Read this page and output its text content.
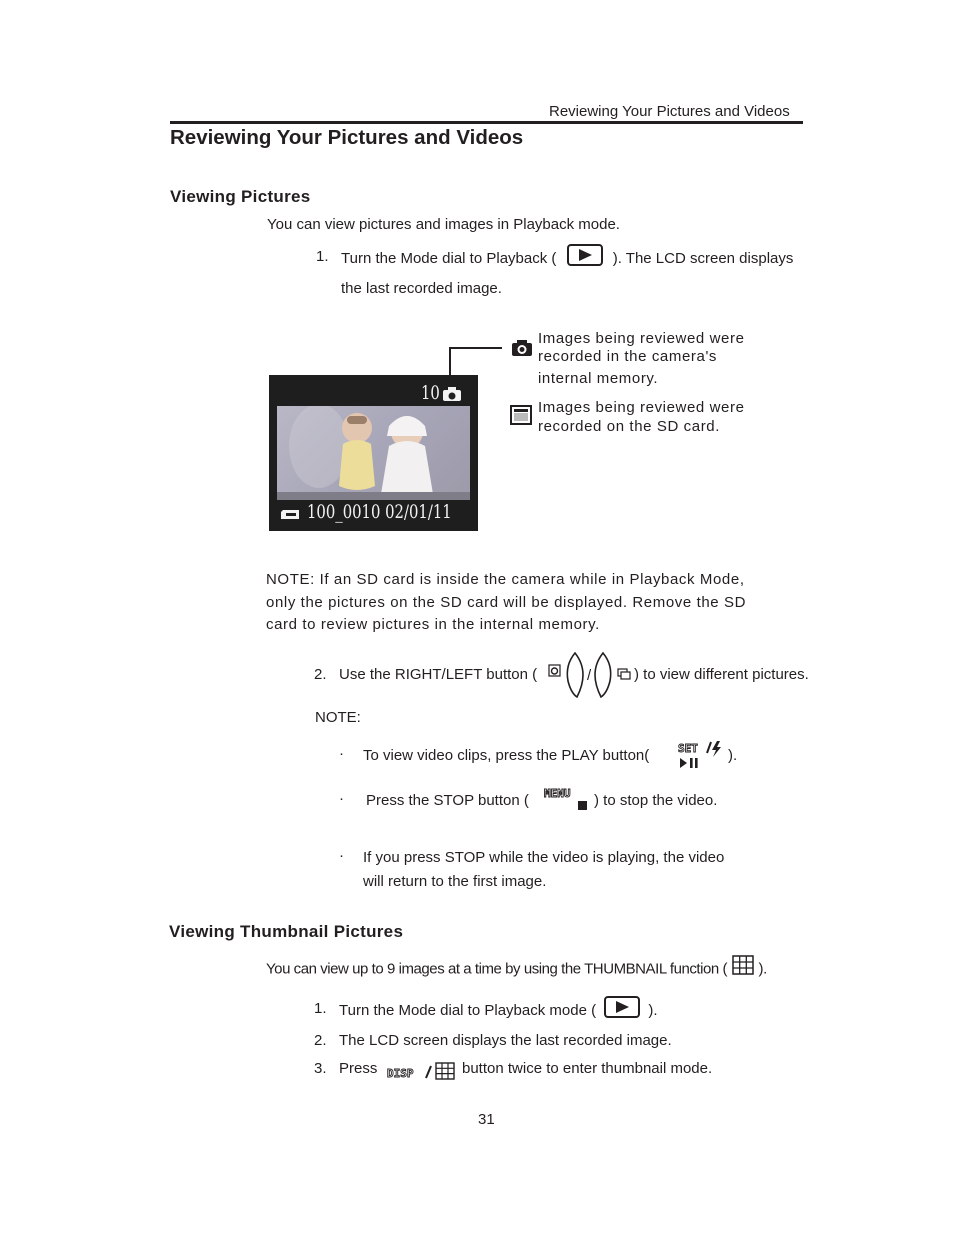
Reviewing Your Pictures and Videos
Reviewing Your Pictures and Videos
Viewing Pictures
You can view pictures and images in Playback mode.
1. Turn the Mode dial to Playback (	). The LCD screen displays
the last recorded image.
10
100_0010 02/01/11
Images being reviewed were
recorded in the camera's
internal memory.
Images being reviewed were
recorded on the SD card.
NOTE: If an SD card is inside the camera while in Playback Mode,
only the pictures on the SD card will be displayed. Remove the SD
card to review pictures in the internal memory.
2. Use the RIGHT/LEFT button (	/	) to view different pictures.
NOTE:
· To view video clips, press the PLAY button(	SET ).
· Press the STOP button ( MENU ) to stop the video.
· If you press STOP while the video is playing, the video
will return to the first image.
Viewing Thumbnail Pictures
You can view up to 9 images at a time by using the THUMBNAIL function ( ).
1. Turn the Mode dial to Playback mode (	).
2. The LCD screen displays the last recorded image.
3. Press DISP	button twice to enter thumbnail mode.
31
